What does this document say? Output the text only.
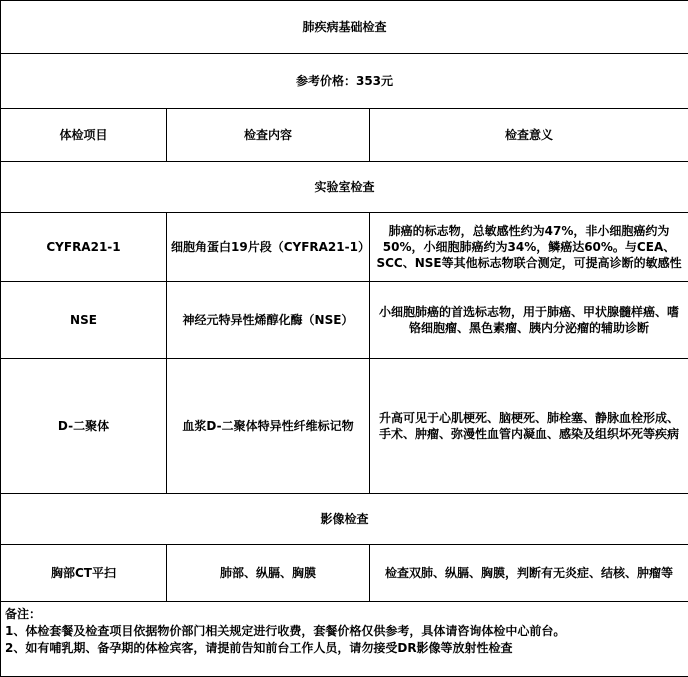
肺疾病基础检查		
参考价格：353元		
体检项目	检查内容	检查意义
实验室检查		
CYFRA21-1	细胞角蛋白19片段（CYFRA21-1）	肺癌的标志物，总敏感性约为47%，非小细胞癌约为50%，小细胞肺癌约为34%，鳞癌达60%。与CEA、SCC、NSE等其他标志物联合测定，可提高诊断的敏感性
NSE	神经元特异性烯醇化酶（NSE）	小细胞肺癌的首选标志物，用于肺癌、甲状腺髓样癌、嗜铬细胞瘤、黑色素瘤、胰内分泌瘤的辅助诊断
D-二聚体	血浆D-二聚体特异性纤维标记物	升高可见于心肌梗死、脑梗死、肺栓塞、静脉血栓形成、手术、肿瘤、弥漫性血管内凝血、感染及组织坏死等疾病
影像检查		
胸部CT平扫	肺部、纵膈、胸膜	检查双肺、纵膈、胸膜，判断有无炎症、结核、肿瘤等

备注：
1、体检套餐及检查项目依据物价部门相关规定进行收费，套餐价格仅供参考，具体请咨询体检中心前台。
2、如有哺乳期、备孕期的体检宾客，请提前告知前台工作人员，请勿接受DR影像等放射性检查		
